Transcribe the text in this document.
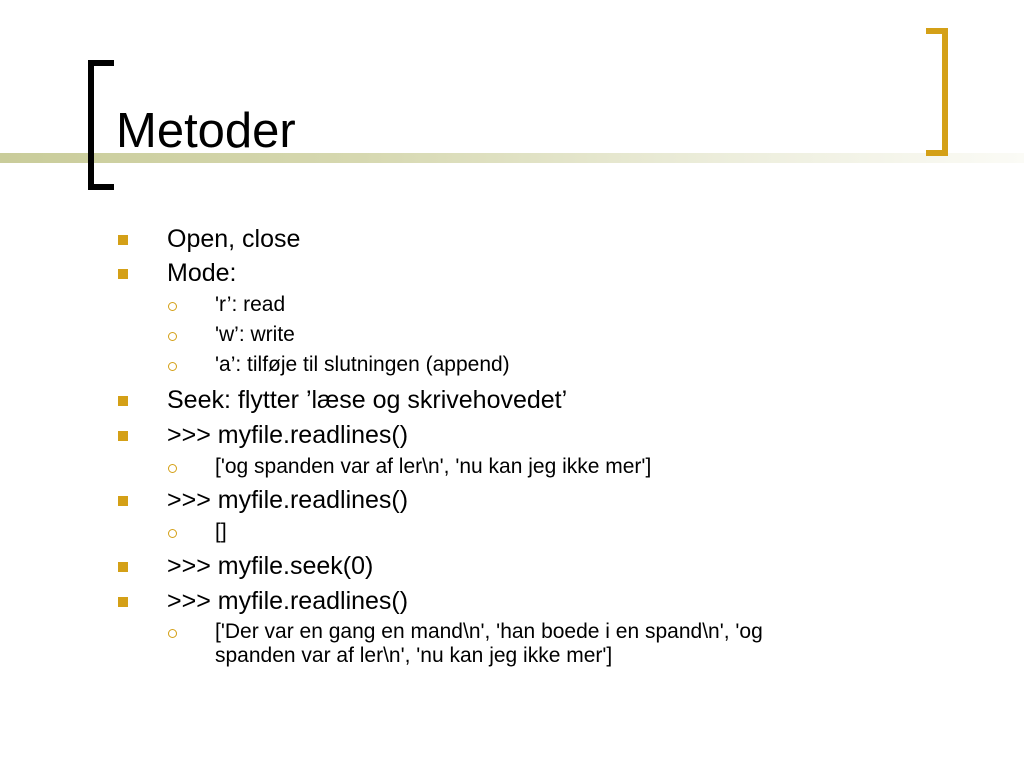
Metoder
Open, close
Mode:
'r’: read
'w’: write
'a’: tilføje til slutningen (append)
Seek: flytter ’læse og skrivehovedet’
>>> myfile.readlines()
['og spanden var af ler\n', 'nu kan jeg ikke mer']
>>> myfile.readlines()
[]
>>> myfile.seek(0)
>>> myfile.readlines()
['Der var en gang en mand\n', 'han boede i en spand\n', 'og
spanden var af ler\n', 'nu kan jeg ikke mer']
